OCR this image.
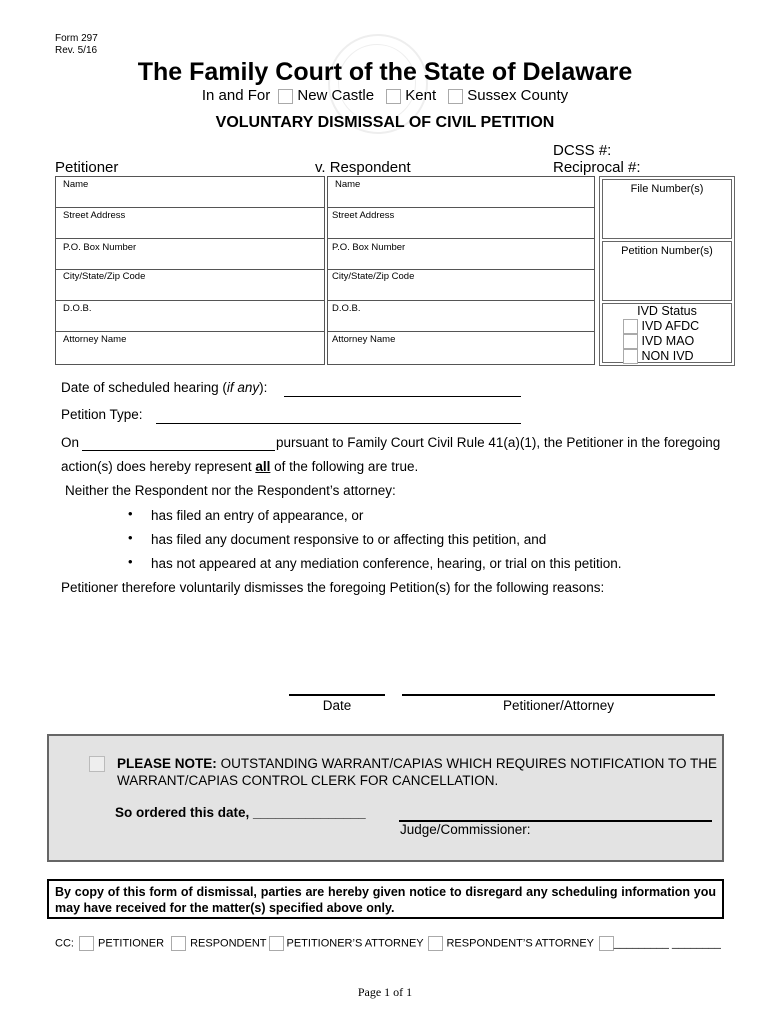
Form 297
Rev. 5/16
The Family Court of the State of Delaware
In and For New Castle Kent Sussex County
VOLUNTARY DISMISSAL OF CIVIL PETITION
DCSS #:
Petitioner	v. Respondent	Reciprocal #:
Name
Street Address
P.O. Box Number
City/State/Zip Code
D.O.B.
Attorney Name
Name
Street Address
P.O. Box Number
City/State/Zip Code
D.O.B.
Attorney Name
File Number(s)
Petition Number(s)
IVD Status
IVD AFDC
IVD MAO
NON IVD
Date of scheduled hearing (if any):
Petition Type:
On	pursuant to Family Court Civil Rule 41(a)(1), the Petitioner in the foregoing
action(s) does hereby represent all of the following are true.
Neither the Respondent nor the Respondent’s attorney:
• has filed an entry of appearance, or
• has filed any document responsive to or affecting this petition, and
• has not appeared at any mediation conference, hearing, or trial on this petition.
Petitioner therefore voluntarily dismisses the foregoing Petition(s) for the following reasons:
Date	Petitioner/Attorney
PLEASE NOTE: OUTSTANDING WARRANT/CAPIAS WHICH REQUIRES NOTIFICATION TO THE WARRANT/CAPIAS CONTROL CLERK FOR CANCELLATION.
So ordered this date, _______________
Judge/Commissioner:
By copy of this form of dismissal, parties are hereby given notice to disregard any scheduling information you may have received for the matter(s) specified above only.
CC: PETITIONER RESPONDENT PETITIONER’S ATTORNEY RESPONDENT’S ATTORNEY _________ ________
Page 1 of 1
